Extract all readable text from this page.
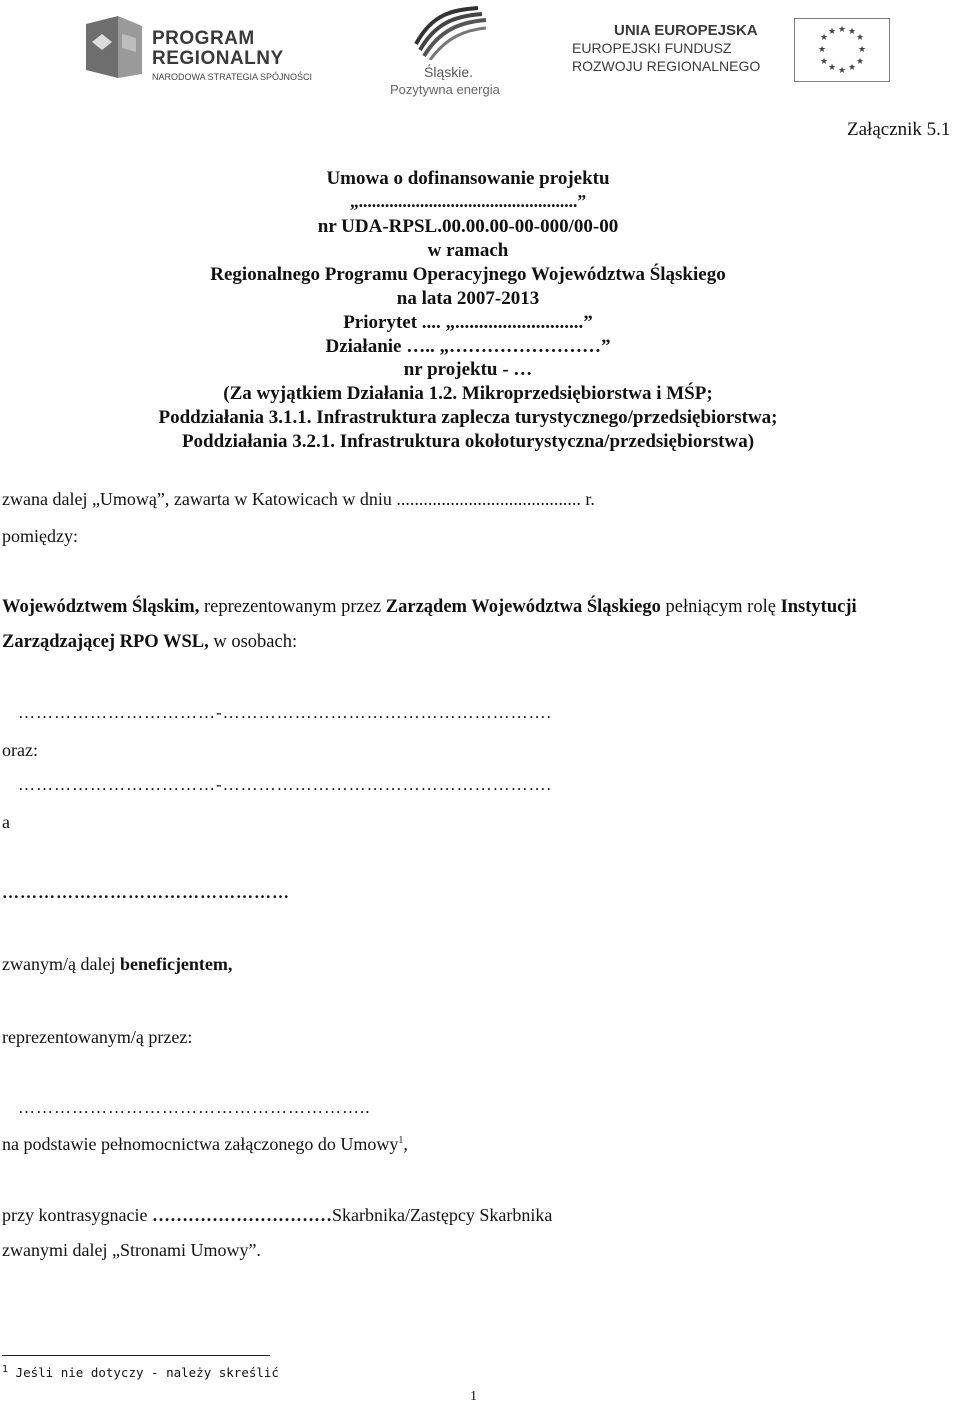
PROGRAM
REGIONALNY
NARODOWA STRATEGIA SPÓJNOŚCI	Śląskie.
Pozytywna energia
UNIA EUROPEJSKA
EUROPEJSKI FUNDUSZ
ROZWOJU REGIONALNEGO
★ ★
★
★
★
★
★
★
★
★
★
★
Załącznik 5.1
Umowa o dofinansowanie projektu
„..................................................”
nr UDA-RPSL.00.00.00-00-000/00-00
w ramach
Regionalnego Programu Operacyjnego Województwa Śląskiego
na lata 2007-2013
Priorytet .... „...........................”
Działanie ….. „……………………”
nr projektu - …
(Za wyjątkiem Działania 1.2. Mikroprzedsiębiorstwa i MŚP;
Poddziałania 3.1.1. Infrastruktura zaplecza turystycznego/przedsiębiorstwa;
Poddziałania 3.2.1. Infrastruktura okołoturystyczna/przedsiębiorstwa)
zwana dalej „Umową”, zawarta w Katowicach w dniu ......................................... r.
pomiędzy:
Województwem Śląskim, reprezentowanym przez Zarządem Województwa Śląskiego pełniącym rolę Instytucji
Zarządzającej RPO WSL, w osobach:
……………………………-……………………………………………….
oraz:
……………………………-……………………………………………….
a
…………………………………………
zwanym/ą dalej beneficjentem,
reprezentowanym/ą przez:
…………………………………………………..
na podstawie pełnomocnictwa załączonego do Umowy$^1$,
przy kontrasygnacie …………………………Skarbnika/Zastępcy Skarbnika
zwanymi dalej „Stronami Umowy”.
$^1$ Jeśli nie dotyczy - należy skreślić
1
